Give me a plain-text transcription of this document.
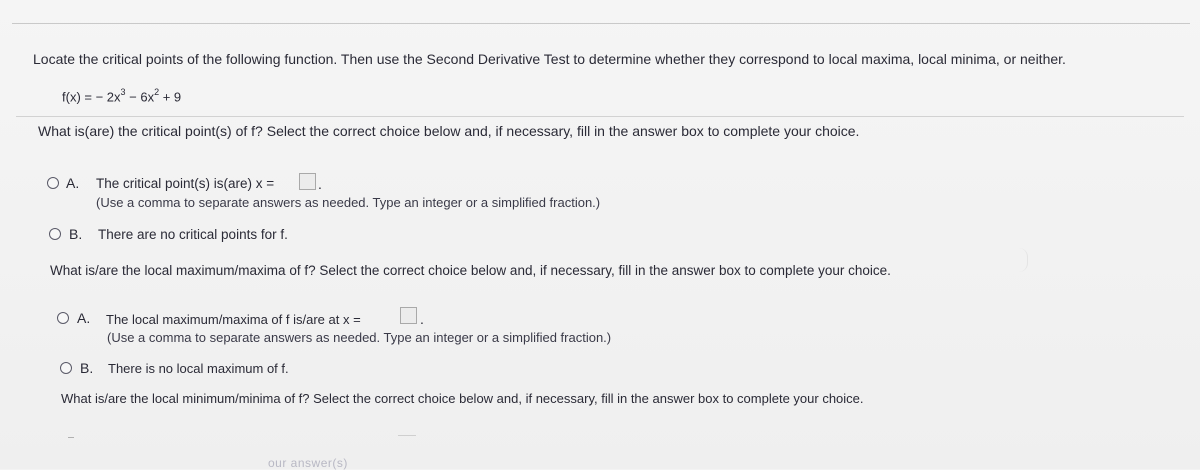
Locate the critical points of the following function. Then use the Second Derivative Test to determine whether they correspond to local maxima, local minima, or neither.
f(x) = − $2x^3 - 6x^2 + 9$
What is(are) the critical point(s) of f? Select the correct choice below and, if necessary, fill in the answer box to complete your choice.
A. The critical point(s) is(are) x =	.
(Use a comma to separate answers as needed. Type an integer or a simplified fraction.)
B. There are no critical points for f.
What is/are the local maximum/maxima of f? Select the correct choice below and, if necessary, fill in the answer box to complete your choice.
A. The local maximum/maxima of f is/are at x =	.
(Use a comma to separate answers as needed. Type an integer or a simplified fraction.)
B. There is no local maximum of f.
What is/are the local minimum/minima of f? Select the correct choice below and, if necessary, fill in the answer box to complete your choice.
our answer(s)
